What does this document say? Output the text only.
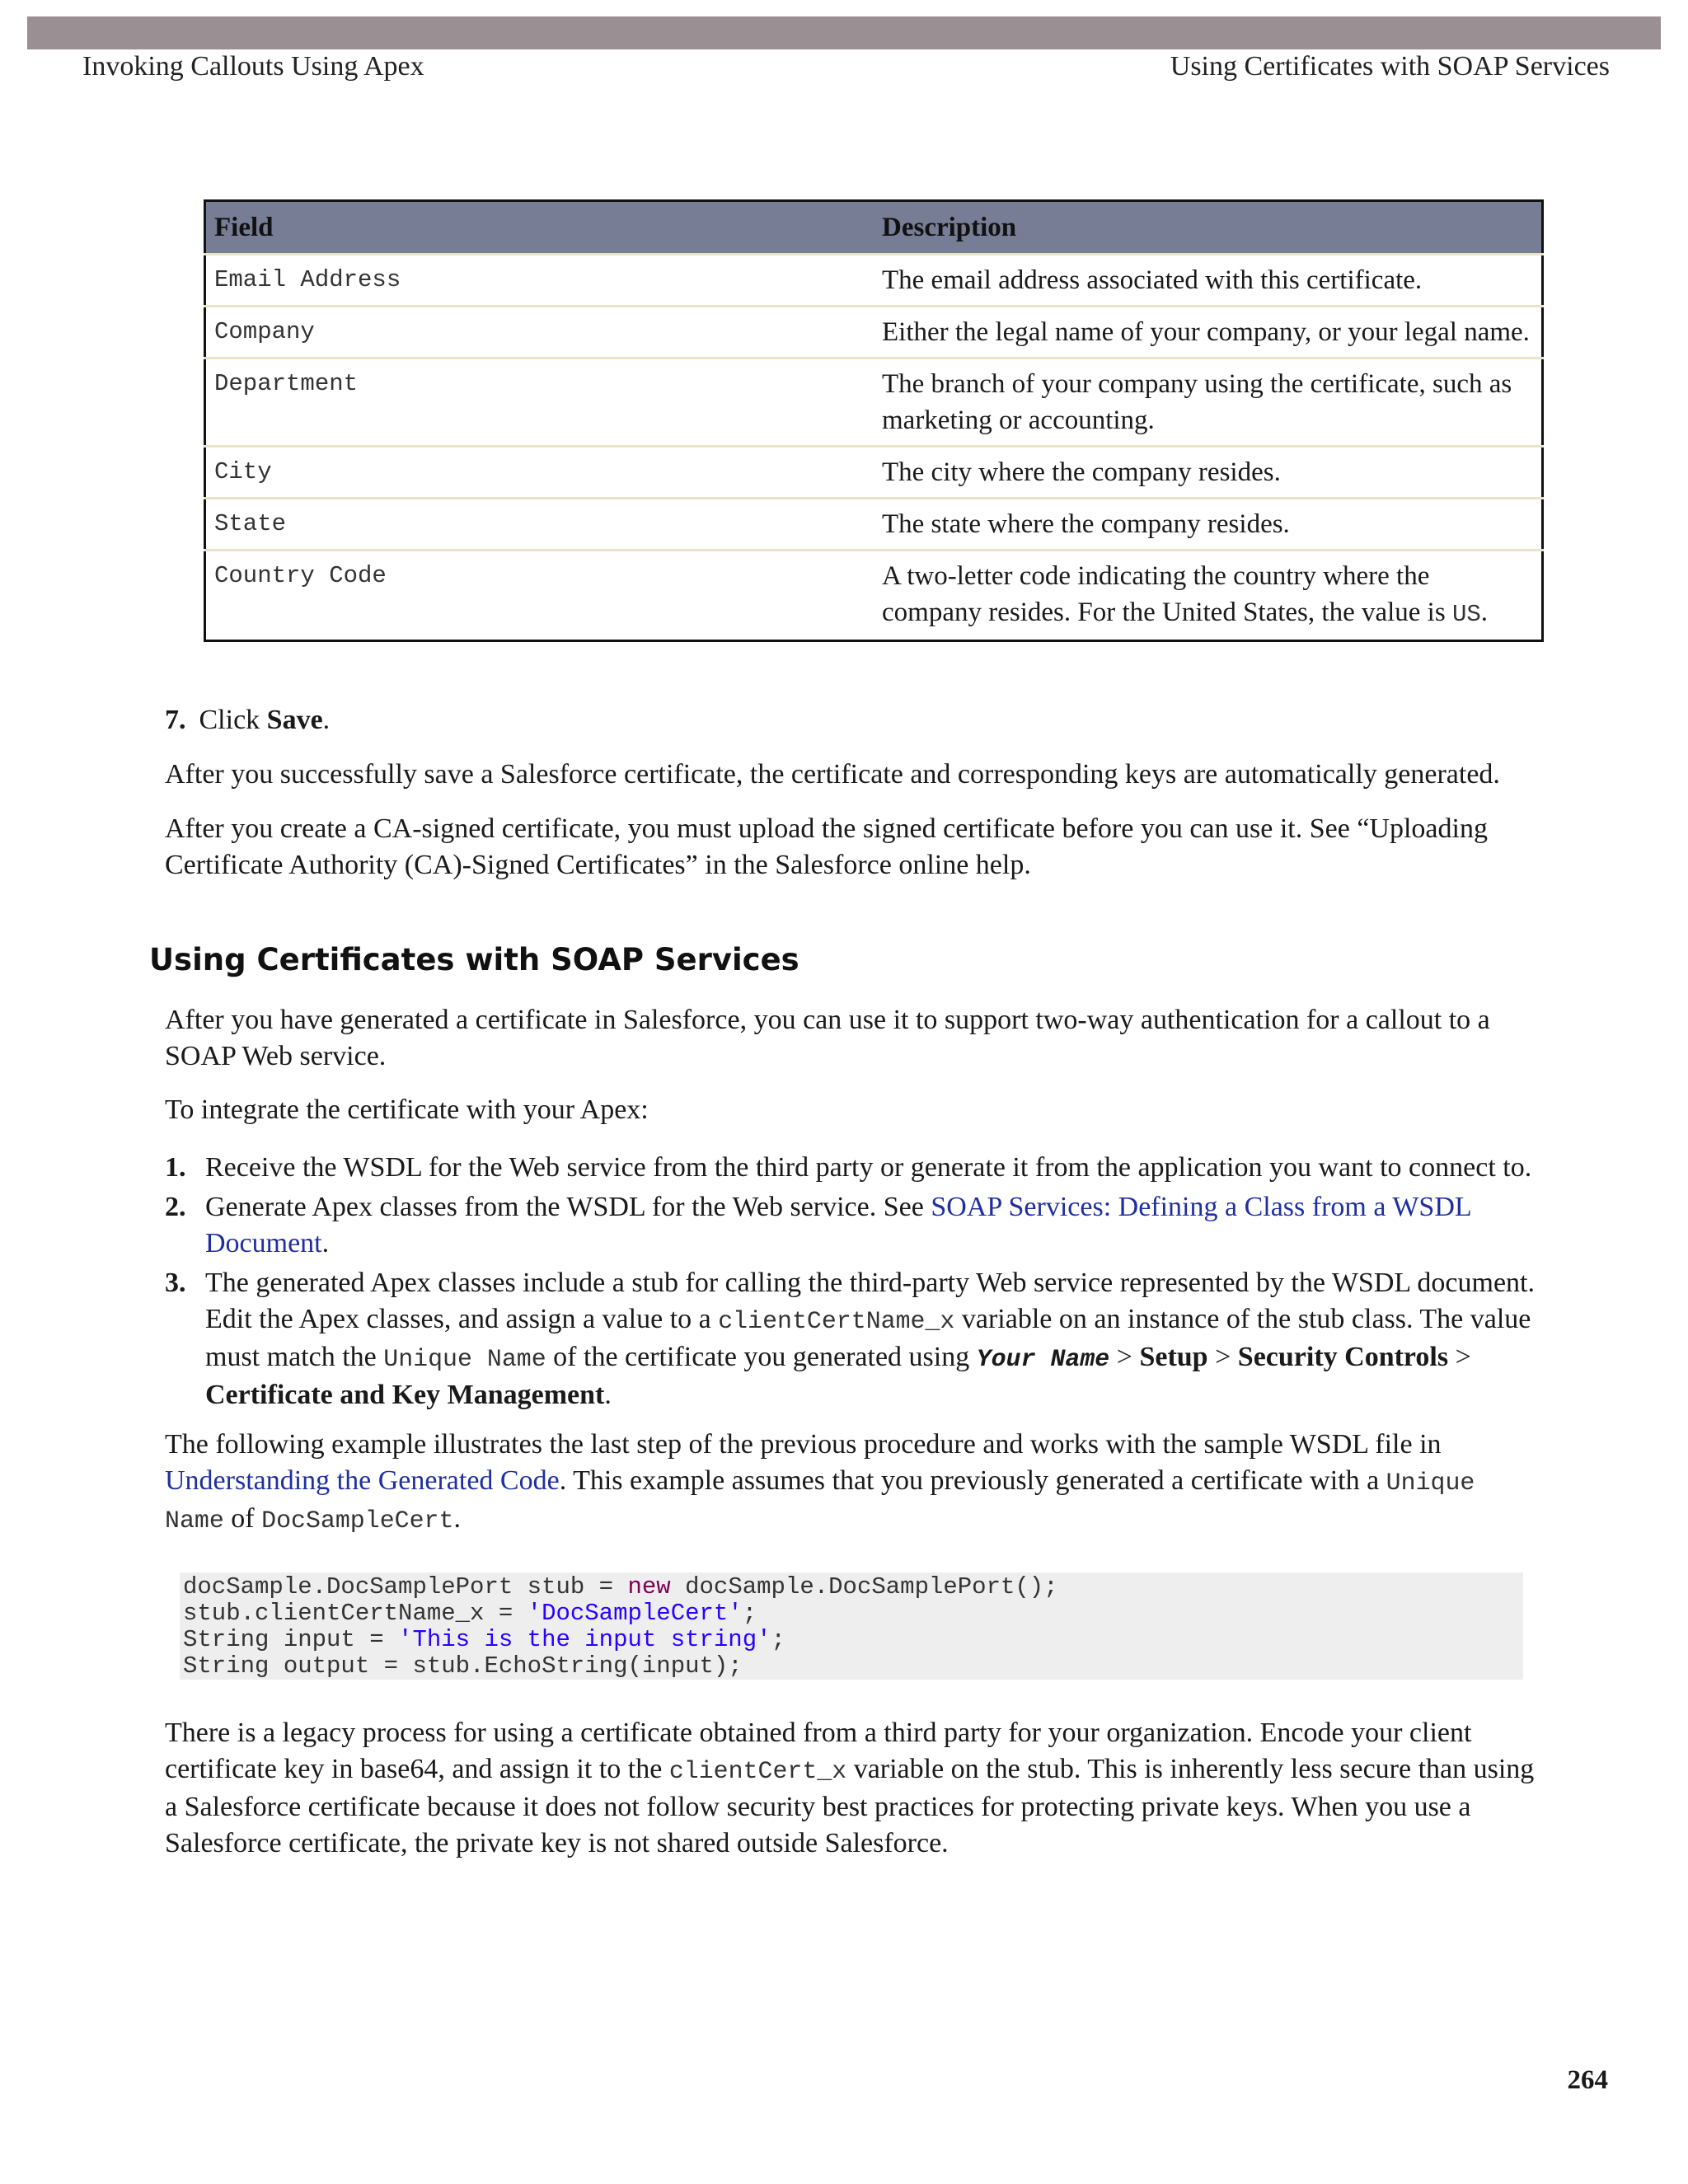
Invoking Callouts Using Apex	Using Certificates with SOAP Services
Field	Description
Email Address	The email address associated with this certificate.
Company	Either the legal name of your company, or your legal name.
Department	The branch of your company using the certificate, such as marketing or accounting.
City	The city where the company resides.
State	The state where the company resides.
Country Code	A two-letter code indicating the country where the company resides. For the United States, the value is US.
7. Click Save.

After you successfully save a Salesforce certificate, the certificate and corresponding keys are automatically generated.

After you create a CA-signed certificate, you must upload the signed certificate before you can use it. See “Uploading Certificate Authority (CA)-Signed Certificates” in the Salesforce online help.

Using Certificates with SOAP Services

After you have generated a certificate in Salesforce, you can use it to support two-way authentication for a callout to a SOAP Web service.

To integrate the certificate with your Apex:

1. Receive the WSDL for the Web service from the third party or generate it from the application you want to connect to.
2. Generate Apex classes from the WSDL for the Web service. See SOAP Services: Defining a Class from a WSDL Document.
3. The generated Apex classes include a stub for calling the third-party Web service represented by the WSDL document. Edit the Apex classes, and assign a value to a clientCertName_x variable on an instance of the stub class. The value must match the Unique Name of the certificate you generated using Your Name > Setup > Security Controls > Certificate and Key Management.

The following example illustrates the last step of the previous procedure and works with the sample WSDL file in Understanding the Generated Code. This example assumes that you previously generated a certificate with a Unique Name of DocSampleCert.

docSample.DocSamplePort stub = new docSample.DocSamplePort();
stub.clientCertName_x = 'DocSampleCert';
String input = 'This is the input string';
String output = stub.EchoString(input);

There is a legacy process for using a certificate obtained from a third party for your organization. Encode your client certificate key in base64, and assign it to the clientCert_x variable on the stub. This is inherently less secure than using a Salesforce certificate because it does not follow security best practices for protecting private keys. When you use a Salesforce certificate, the private key is not shared outside Salesforce.

264
